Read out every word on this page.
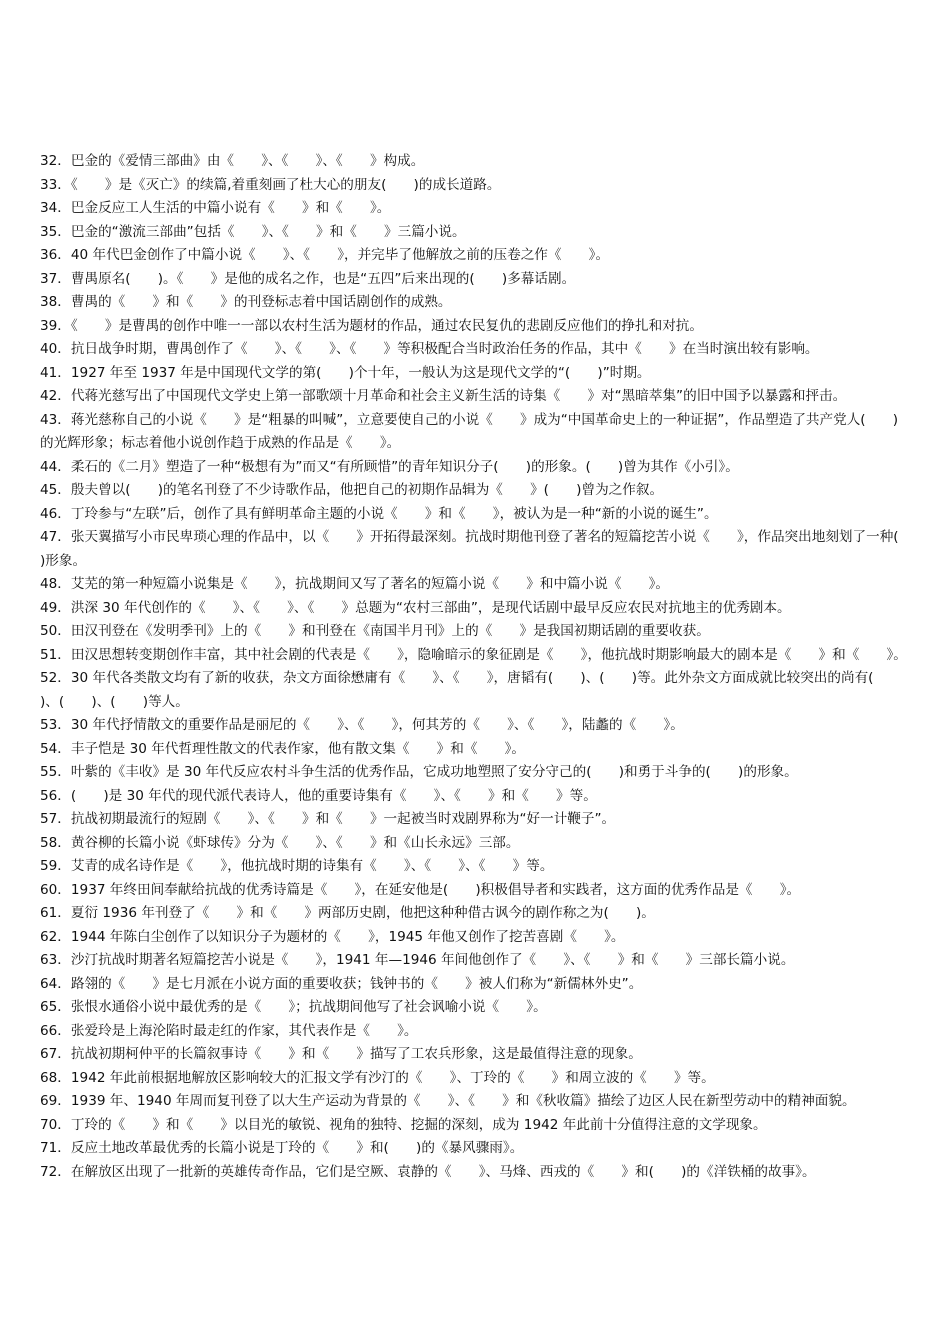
32．巴金的《爱情三部曲》由《　　》、《　　》、《　　》构成。

33．《　　》是《灭亡》的续篇,着重刻画了杜大心的朋友(　　)的成长道路。

34．巴金反应工人生活的中篇小说有《　　》和《　　》。

35．巴金的“激流三部曲”包括《　　》、《　　》和《　　》三篇小说。

36．40 年代巴金创作了中篇小说《　　》、《　　》，并完毕了他解放之前的压卷之作《　　》。

37．曹禺原名(　　)。《　　》是他的成名之作，也是“五四”后来出现的(　　)多幕话剧。

38．曹禺的《　　》和《　　》的刊登标志着中国话剧创作的成熟。

39．《　　》是曹禺的创作中唯一一部以农村生活为题材的作品，通过农民复仇的悲剧反应他们的挣扎和对抗。

40．抗日战争时期，曹禺创作了《　　》、《　　》、《　　》等积极配合当时政治任务的作品，其中《　　》在当时演出较有影响。

41．1927 年至 1937 年是中国现代文学的第(　　)个十年，一般认为这是现代文学的“(　　)”时期。

42．代蒋光慈写出了中国现代文学史上第一部歌颂十月革命和社会主义新生活的诗集《　　》对“黑暗萃集”的旧中国予以暴露和抨击。

43．蒋光慈称自己的小说《　　》是“粗暴的叫喊”，立意要使自己的小说《　　》成为“中国革命史上的一种证据”，作品塑造了共产党人(　　)的光辉形象；标志着他小说创作趋于成熟的作品是《　　》。

44．柔石的《二月》塑造了一种“极想有为”而又“有所顾惜”的青年知识分子(　　)的形象。(　　)曾为其作《小引》。

45．殷夫曾以(　　)的笔名刊登了不少诗歌作品，他把自己的初期作品辑为《　　》(　　)曾为之作叙。

46．丁玲参与“左联”后，创作了具有鲜明革命主题的小说《　　》和《　　》，被认为是一种“新的小说的诞生”。

47．张天翼描写小市民卑琐心理的作品中，以《　　》开拓得最深刻。抗战时期他刊登了著名的短篇挖苦小说《　　》，作品突出地刻划了一种(　　)形象。

48．艾芜的第一种短篇小说集是《　　》，抗战期间又写了著名的短篇小说《　　》和中篇小说《　　》。

49．洪深 30 年代创作的《　　》、《　　》、《　　》总题为“农村三部曲”，是现代话剧中最早反应农民对抗地主的优秀剧本。

50．田汉刊登在《发明季刊》上的《　　》和刊登在《南国半月刊》上的《　　》是我国初期话剧的重要收获。

51．田汉思想转变期创作丰富，其中社会剧的代表是《　　》，隐喻暗示的象征剧是《　　》，他抗战时期影响最大的剧本是《　　》和《　　》。

52．30 年代各类散文均有了新的收获，杂文方面徐懋庸有《　　》、《　　》，唐韬有(　　)、(　　)等。此外杂文方面成就比较突出的尚有(　　)、(　　)、(　　)等人。

53．30 年代抒情散文的重要作品是丽尼的《　　》、《　　》，何其芳的《　　》、《　　》，陆蠡的《　　》。

54．丰子恺是 30 年代哲理性散文的代表作家，他有散文集《　　》和《　　》。

55．叶紫的《丰收》是 30 年代反应农村斗争生活的优秀作品，它成功地塑照了安分守己的(　　)和勇于斗争的(　　)的形象。

56．(　　)是 30 年代的现代派代表诗人，他的重要诗集有《　　》、《　　》和《　　》等。

57．抗战初期最流行的短剧《　　》、《　　》和《　　》一起被当时戏剧界称为“好一计鞭子”。

58．黄谷柳的长篇小说《虾球传》分为《　　》、《　　》和《山长永远》三部。

59．艾青的成名诗作是《　　》，他抗战时期的诗集有《　　》、《　　》、《　　》等。

60．1937 年终田间奉献给抗战的优秀诗篇是《　　》，在延安他是(　　)积极倡导者和实践者，这方面的优秀作品是《　　》。

61．夏衍 1936 年刊登了《　　》和《　　》两部历史剧，他把这种种借古讽今的剧作称之为(　　)。

62．1944 年陈白尘创作了以知识分子为题材的《　　》，1945 年他又创作了挖苦喜剧《　　》。

63．沙汀抗战时期著名短篇挖苦小说是《　　》，1941 年—1946 年间他创作了《　　》、《　　》和《　　》三部长篇小说。

64．路翎的《　　》是七月派在小说方面的重要收获；钱钟书的《　　》被人们称为“新儒林外史”。

65．张恨水通俗小说中最优秀的是《　　》；抗战期间他写了社会讽喻小说《　　》。

66．张爱玲是上海沦陷时最走红的作家，其代表作是《　　》。

67．抗战初期柯仲平的长篇叙事诗《　　》和《　　》描写了工农兵形象，这是最值得注意的现象。

68．1942 年此前根据地解放区影响较大的汇报文学有沙汀的《　　》、丁玲的《　　》和周立波的《　　》等。

69．1939 年、1940 年周而复刊登了以大生产运动为背景的《　　》、《　　》和《秋收篇》描绘了边区人民在新型劳动中的精神面貌。

70．丁玲的《　　》和《　　》以目光的敏锐、视角的独特、挖掘的深刻，成为 1942 年此前十分值得注意的文学现象。

71．反应土地改革最优秀的长篇小说是丁玲的《　　》和(　　)的《暴风骤雨》。

72．在解放区出现了一批新的英雄传奇作品，它们是空厥、袁静的《　　》、马烽、西戎的《　　》和(　　)的《洋铁桶的故事》。
